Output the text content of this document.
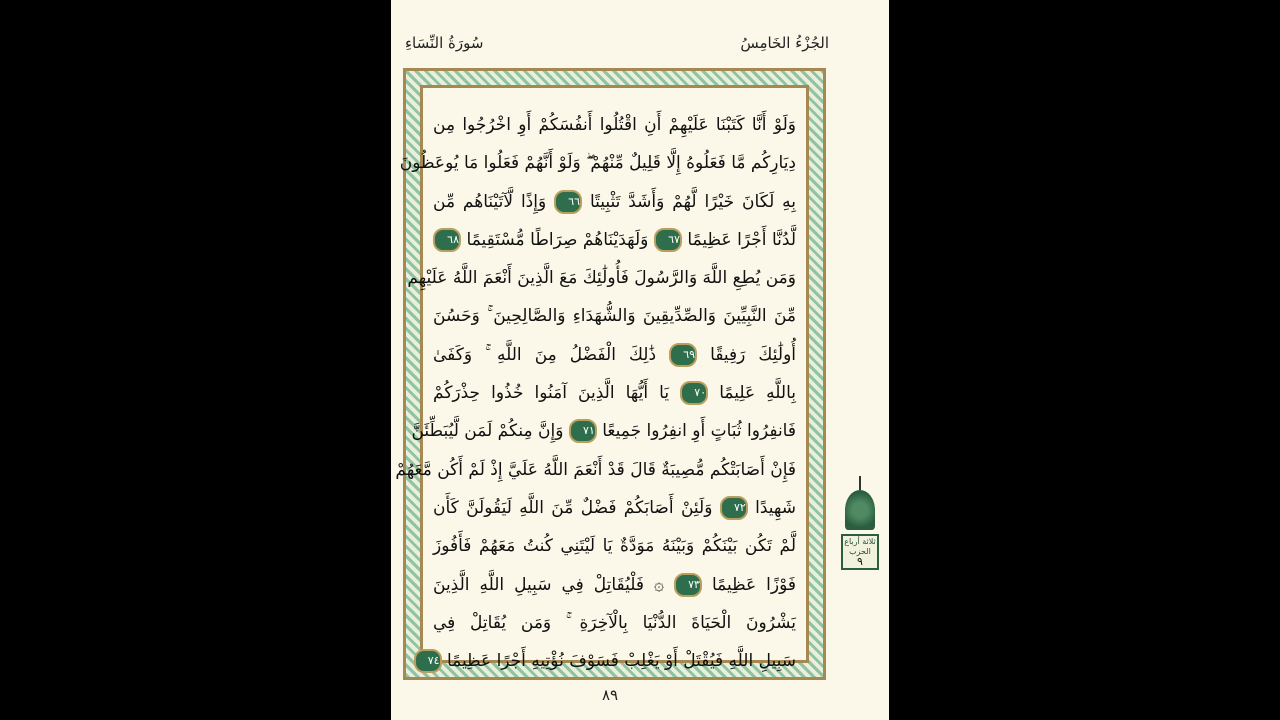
سُورَةُ النِّسَاءِ	الجُزْءُ الخَامِسُ
وَلَوْ أَنَّا كَتَبْنَا عَلَيْهِمْ أَنِ اقْتُلُوا أَنفُسَكُمْ أَوِ اخْرُجُوا مِن
دِيَارِكُم مَّا فَعَلُوهُ إِلَّا قَلِيلٌ مِّنْهُمْ ۖ وَلَوْ أَنَّهُمْ فَعَلُوا مَا يُوعَظُونَ
بِهِ لَكَانَ خَيْرًا لَّهُمْ وَأَشَدَّ تَثْبِيتًا ٦٦ وَإِذًا لَّآتَيْنَاهُم مِّن
لَّدُنَّا أَجْرًا عَظِيمًا ٦٧ وَلَهَدَيْنَاهُمْ صِرَاطًا مُّسْتَقِيمًا ٦٨
وَمَن يُطِعِ اللَّهَ وَالرَّسُولَ فَأُولَٰئِكَ مَعَ الَّذِينَ أَنْعَمَ اللَّهُ عَلَيْهِم
مِّنَ النَّبِيِّينَ وَالصِّدِّيقِينَ وَالشُّهَدَاءِ وَالصَّالِحِينَ ۚ وَحَسُنَ
أُولَٰئِكَ رَفِيقًا ٦٩ ذَٰلِكَ الْفَضْلُ مِنَ اللَّهِ ۚ وَكَفَىٰ
بِاللَّهِ عَلِيمًا ٧٠ يَا أَيُّهَا الَّذِينَ آمَنُوا خُذُوا حِذْرَكُمْ
فَانفِرُوا ثُبَاتٍ أَوِ انفِرُوا جَمِيعًا ٧١ وَإِنَّ مِنكُمْ لَمَن لَّيُبَطِّئَنَّ
فَإِنْ أَصَابَتْكُم مُّصِيبَةٌ قَالَ قَدْ أَنْعَمَ اللَّهُ عَلَيَّ إِذْ لَمْ أَكُن مَّعَهُمْ
شَهِيدًا ٧٢ وَلَئِنْ أَصَابَكُمْ فَضْلٌ مِّنَ اللَّهِ لَيَقُولَنَّ كَأَن
لَّمْ تَكُن بَيْنَكُمْ وَبَيْنَهُ مَوَدَّةٌ يَا لَيْتَنِي كُنتُ مَعَهُمْ فَأَفُوزَ
فَوْزًا عَظِيمًا ٧٣ ۞ فَلْيُقَاتِلْ فِي سَبِيلِ اللَّهِ الَّذِينَ
يَشْرُونَ الْحَيَاةَ الدُّنْيَا بِالْآخِرَةِ ۚ وَمَن يُقَاتِلْ فِي
سَبِيلِ اللَّهِ فَيُقْتَلْ أَوْ يَغْلِبْ فَسَوْفَ نُؤْتِيهِ أَجْرًا عَظِيمًا ٧٤
ثلاثة أرباع
الحزب
٩
٨٩
